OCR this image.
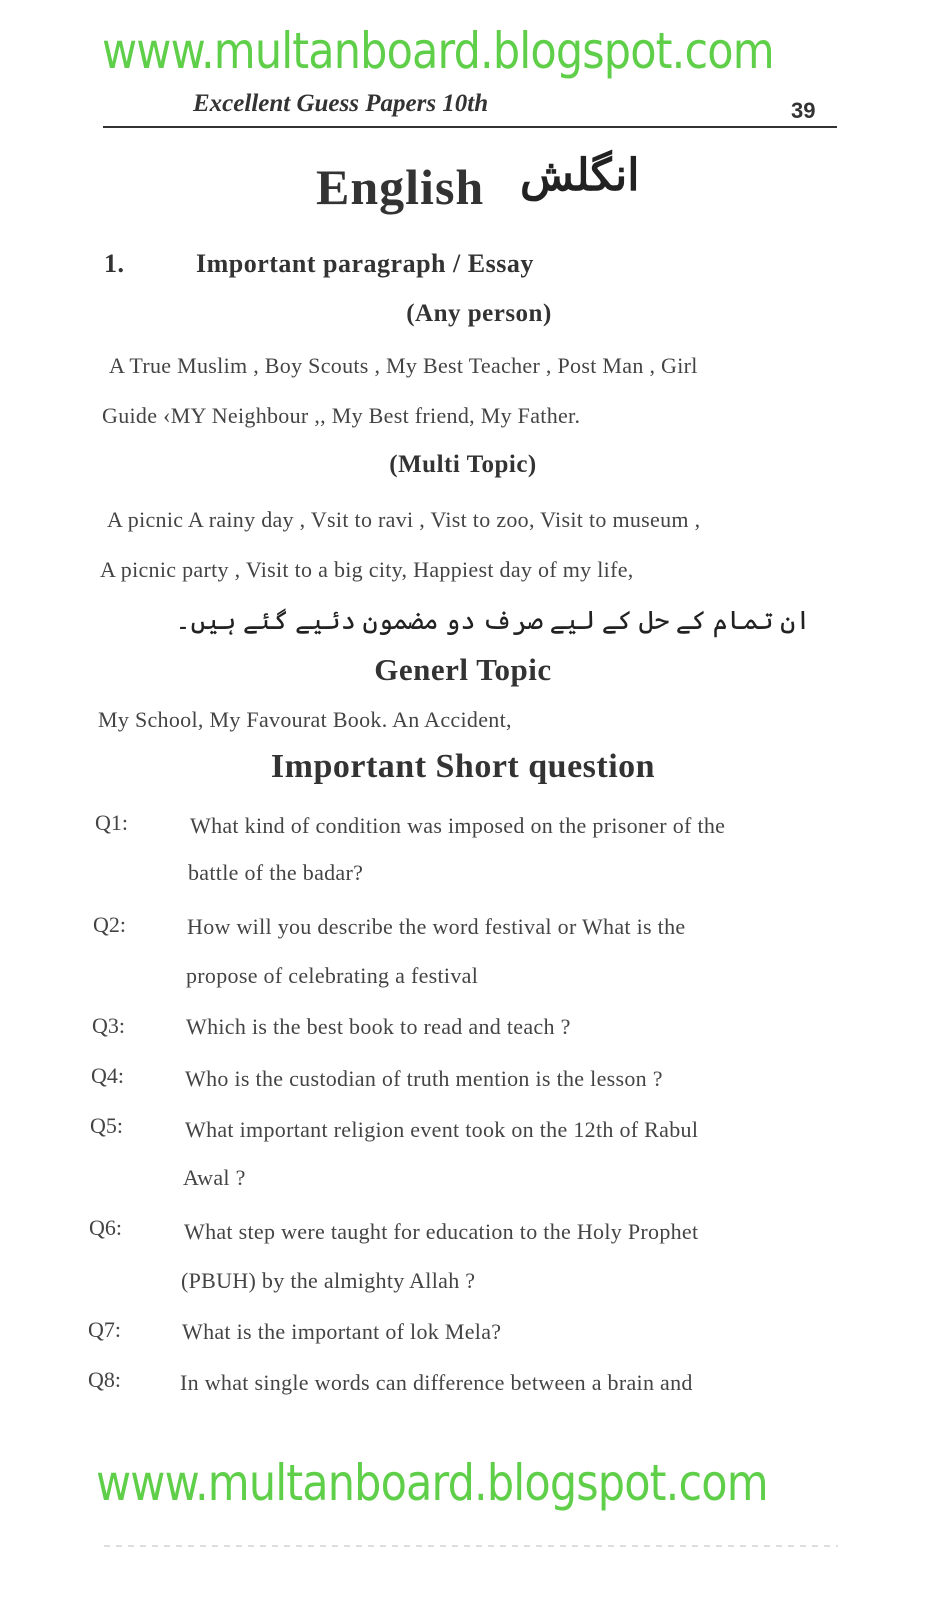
www.multanboard.blogspot.com
Excellent Guess Papers 10th	39
English انگلش
1.	Important paragraph / Essay
(Any person)
A True Muslim , Boy Scouts , My Best Teacher , Post Man , Girl
Guide ‹MY Neighbour ,, My Best friend, My Father.
(Multi Topic)
A picnic A rainy day , Vsit to ravi , Vist to zoo, Visit to museum ,
A picnic party , Visit to a big city, Happiest day of my life,
ان تمام کے حل کے لیے صرف دو مضمون دئیے گئے ہیں۔
Generl Topic
My School, My Favourat Book. An Accident,
Important Short question
Q1:	What kind of condition was imposed on the prisoner of the
battle of the badar?
Q2:	How will you describe the word festival or What is the
propose of celebrating a festival
Q3:	Which is the best book to read and teach ?
Q4:	Who is the custodian of truth mention is the lesson ?
Q5:	What important religion event took on the 12th of Rabul
Awal ?
Q6:	What step were taught for education to the Holy Prophet
(PBUH) by the almighty Allah ?
Q7:	What is the important of lok Mela?
Q8:	In what single words can difference between a brain and
www.multanboard.blogspot.com
